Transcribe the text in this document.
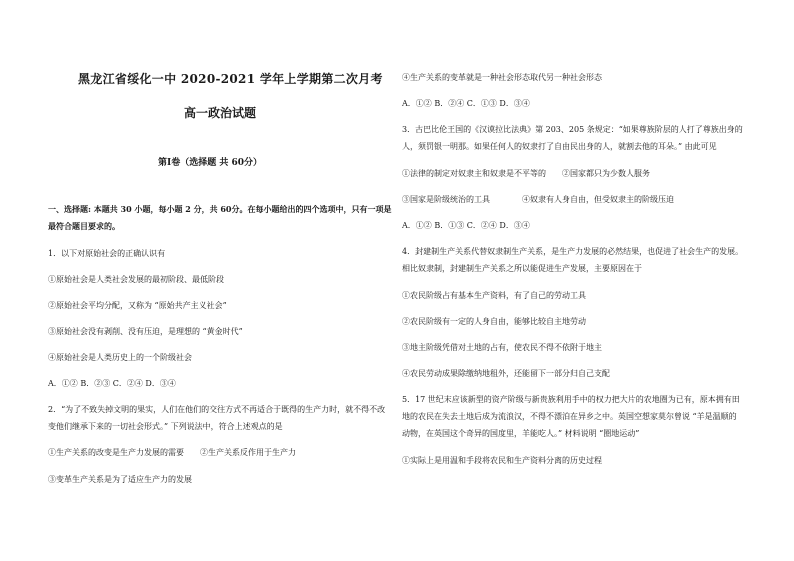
黑龙江省绥化一中 2020-2021 学年上学期第二次月考
高一政治试题
第Ⅰ卷（选择题 共 60分）
一、选择题: 本题共 30 小题，每小题 2 分，共 60分。在每小题给出的四个选项中，只有一项是
最符合题目要求的。
1．以下对原始社会的正确认识有
①原始社会是人类社会发展的最初阶段、最低阶段
②原始社会平均分配，又称为 “原始共产主义社会”
③原始社会没有剥削、没有压迫，是理想的 “黄金时代”
④原始社会是人类历史上的一个阶级社会
A．①② B．②③ C．②④ D．③④
2．“为了不致失掉文明的果实，人们在他们的交往方式不再适合于既得的生产力时，就不得不改
变他们继承下来的一切社会形式。” 下列说法中，符合上述观点的是
①生产关系的改变是生产力发展的需要　　②生产关系反作用于生产力
③变革生产关系是为了适应生产力的发展
④生产关系的变革就是一种社会形态取代另一种社会形态
A．①② B．②④ C．①③ D．③④
3．古巴比伦王国的《汉谟拉比法典》第 203、205 条规定：“如果尊族阶层的人打了尊族出身的
人，须罚银一明那。如果任何人的奴隶打了自由民出身的人，就割去他的耳朵。” 由此可见
①法律的制定对奴隶主和奴隶是不平等的　　②国家都只为少数人服务
③国家是阶级统治的工具　　　　④奴隶有人身自由，但受奴隶主的阶级压迫
A．①② B．①③ C．②④ D．③④
4．封建制生产关系代替奴隶制生产关系，是生产力发展的必然结果，也促进了社会生产的发展。
相比奴隶制，封建制生产关系之所以能促进生产发展，主要原因在于
①农民阶级占有基本生产资料，有了自己的劳动工具
②农民阶级有一定的人身自由，能够比较自主地劳动
③地主阶级凭借对土地的占有，使农民不得不依附于地主
④农民劳动成果除缴纳地租外，还能留下一部分归自己支配
5．17 世纪末应该新型的资产阶级与新贵族利用手中的权力把大片的农地圈为已有，原本拥有田
地的农民在失去土地后成为流浪汉，不得不漂泊在异乡之中。英国空想家莫尔曾说 “羊是温顺的
动物，在英国这个奇异的国度里，羊能吃人。” 材料说明 “圈地运动”
①实际上是用温和手段将农民和生产资料分离的历史过程
